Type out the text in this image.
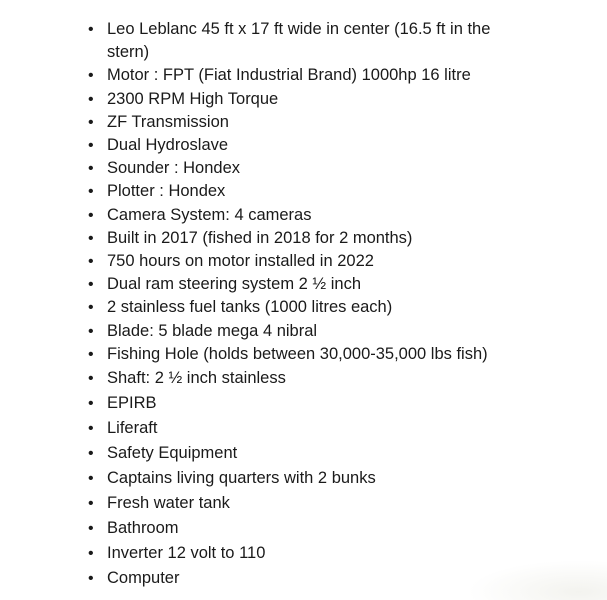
• Leo Leblanc 45 ft x 17 ft wide in center (16.5 ft in the stern)
• Motor : FPT (Fiat Industrial Brand) 1000hp 16 litre
• 2300 RPM High Torque
• ZF Transmission
• Dual Hydroslave
• Sounder : Hondex
• Plotter : Hondex
• Camera System: 4 cameras
• Built in 2017 (fished in 2018 for 2 months)
• 750 hours on motor installed in 2022
• Dual ram steering system 2 ½ inch
• 2 stainless fuel tanks (1000 litres each)
• Blade: 5 blade mega 4 nibral
• Fishing Hole (holds between 30,000-35,000 lbs fish)
• Shaft: 2 ½ inch stainless
• EPIRB
• Liferaft
• Safety Equipment
• Captains living quarters with 2 bunks
• Fresh water tank
• Bathroom
• Inverter 12 volt to 110
• Computer
